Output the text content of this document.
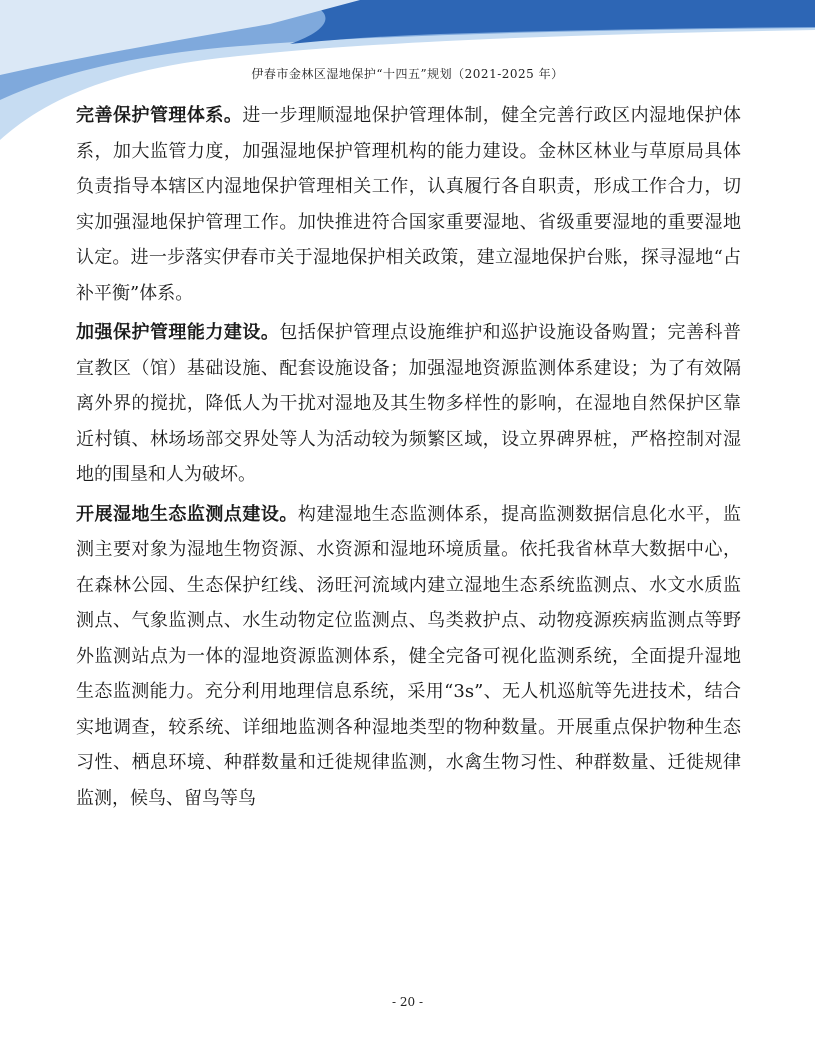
伊春市金林区湿地保护“十四五”规划（2021-2025 年）

完善保护管理体系。进一步理顺湿地保护管理体制，健全完善行政区内湿地保护体系，加大监管力度，加强湿地保护管理机构的能力建设。金林区林业与草原局具体负责指导本辖区内湿地保护管理相关工作，认真履行各自职责，形成工作合力，切实加强湿地保护管理工作。加快推进符合国家重要湿地、省级重要湿地的重要湿地认定。进一步落实伊春市关于湿地保护相关政策，建立湿地保护台账，探寻湿地“占补平衡”体系。

加强保护管理能力建设。包括保护管理点设施维护和巡护设施设备购置；完善科普宣教区（馆）基础设施、配套设施设备；加强湿地资源监测体系建设；为了有效隔离外界的搅扰，降低人为干扰对湿地及其生物多样性的影响，在湿地自然保护区靠近村镇、林场场部交界处等人为活动较为频繁区域，设立界碑界桩，严格控制对湿地的围垦和人为破坏。

开展湿地生态监测点建设。构建湿地生态监测体系，提高监测数据信息化水平，监测主要对象为湿地生物资源、水资源和湿地环境质量。依托我省林草大数据中心，在森林公园、生态保护红线、汤旺河流域内建立湿地生态系统监测点、水文水质监测点、气象监测点、水生动物定位监测点、鸟类救护点、动物疫源疾病监测点等野外监测站点为一体的湿地资源监测体系，健全完备可视化监测系统，全面提升湿地生态监测能力。充分利用地理信息系统，采用“3s”、无人机巡航等先进技术，结合实地调查，较系统、详细地监测各种湿地类型的物种数量。开展重点保护物种生态习性、栖息环境、种群数量和迁徙规律监测，水禽生物习性、种群数量、迁徙规律监测，候鸟、留鸟等鸟

- 20 -
